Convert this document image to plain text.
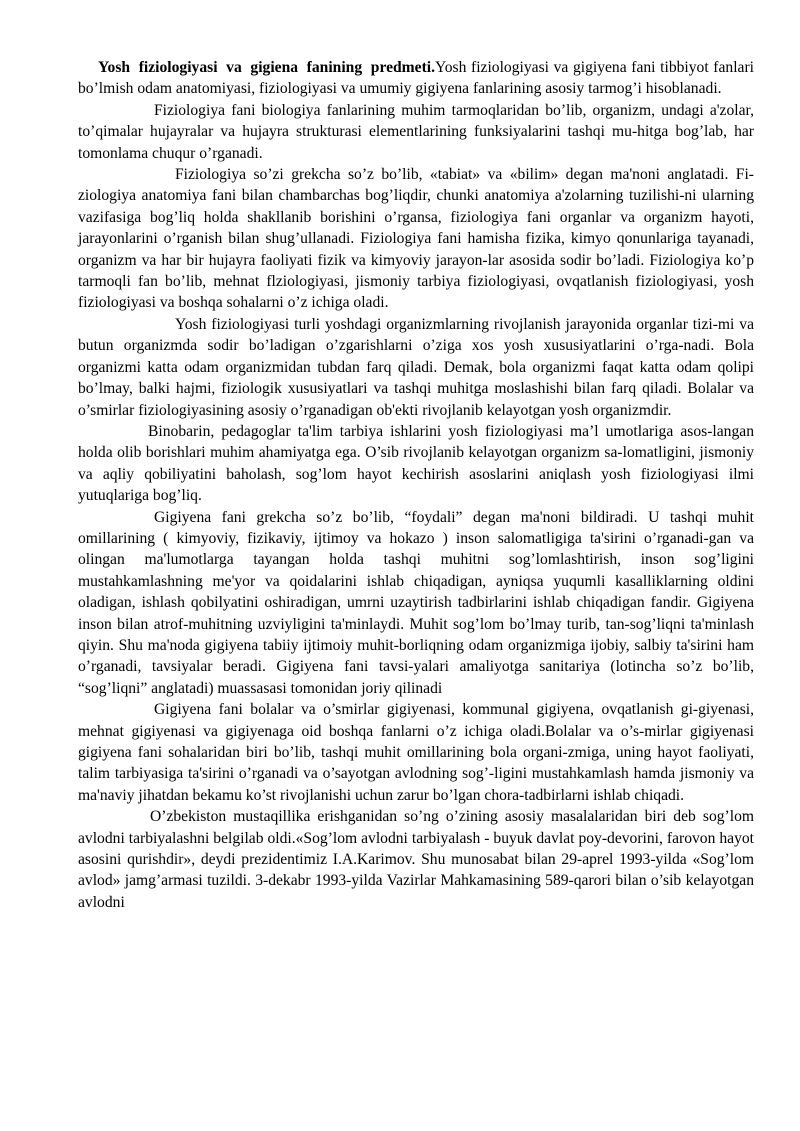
Yosh fiziologiyasi va gigiena fanining predmeti.Yosh fiziologiyasi va gigiyena fani tibbiyot fanlari bo’lmish odam anatomiyasi, fiziologiyasi va umumiy gigiyena fanlarining asosiy tarmog’i hisoblanadi.

Fiziologiya fani biologiya fanlarining muhim tarmoqlaridan bo’lib, organizm, undagi a'zolar, to’qimalar hujayralar va hujayra strukturasi elementlarining funksiyalarini tashqi mu-hitga bog’lab, har tomonlama chuqur o’rganadi.

Fiziologiya so’zi grekcha so’z bo’lib, «tabiat» va «bilim» degan ma'noni anglatadi. Fi-ziologiya anatomiya fani bilan chambarchas bog’liqdir, chunki anatomiya a'zolarning tuzilishi-ni ularning vazifasiga bog’liq holda shakllanib borishini o’rgansa, fiziologiya fani organlar va organizm hayoti, jarayonlarini o’rganish bilan shug’ullanadi. Fiziologiya fani hamisha fizika, kimyo qonunlariga tayanadi, organizm va har bir hujayra faoliyati fizik va kimyoviy jarayon-lar asosida sodir bo’ladi. Fiziologiya ko’p tarmoqli fan bo’lib, mehnat flziologiyasi, jismoniy tarbiya fiziologiyasi, ovqatlanish fiziologiyasi, yosh fiziologiyasi va boshqa sohalarni o’z ichiga oladi.

Yosh fiziologiyasi turli yoshdagi organizmlarning rivojlanish jarayonida organlar tizi-mi va butun organizmda sodir bo’ladigan o’zgarishlarni o’ziga xos yosh xususiyatlarini o’rga-nadi. Bola organizmi katta odam organizmidan tubdan farq qiladi. Demak, bola organizmi faqat katta odam qolipi bo’lmay, balki hajmi, fiziologik xususiyatlari va tashqi muhitga moslashishi bilan farq qiladi. Bolalar va o’smirlar fiziologiyasining asosiy o’rganadigan ob'ekti rivojlanib kelayotgan yosh organizmdir.

Binobarin, pedagoglar ta'lim tarbiya ishlarini yosh fiziologiyasi ma’l umotlariga asos-langan holda olib borishlari muhim ahamiyatga ega. O’sib rivojlanib kelayotgan organizm sa-lomatligini, jismoniy va aqliy qobiliyatini baholash, sog’lom hayot kechirish asoslarini aniqlash yosh fiziologiyasi ilmi yutuqlariga bog’liq.

Gigiyena fani grekcha so’z bo’lib, “foydali” degan ma'noni bildiradi. U tashqi muhit omillarining ( kimyoviy, fizikaviy, ijtimoy va hokazo ) inson salomatligiga ta'sirini o’rganadi-gan va olingan ma'lumotlarga tayangan holda tashqi muhitni sog’lomlashtirish, inson sog’ligini mustahkamlashning me'yor va qoidalarini ishlab chiqadigan, ayniqsa yuqumli kasalliklarning oldini oladigan, ishlash qobilyatini oshiradigan, umrni uzaytirish tadbirlarini ishlab chiqadigan fandir. Gigiyena inson bilan atrof-muhitning uzviyligini ta'minlaydi. Muhit sog’lom bo’lmay turib, tan-sog’liqni ta'minlash qiyin. Shu ma'noda gigiyena tabiiy ijtimoiy muhit-borliqning odam organizmiga ijobiy, salbiy ta'sirini ham o’rganadi, tavsiyalar beradi. Gigiyena fani tavsi-yalari amaliyotga sanitariya (lotincha so’z bo’lib, “sog’liqni” anglatadi) muassasasi tomonidan joriy qilinadi

Gigiyena fani bolalar va o’smirlar gigiyenasi, kommunal gigiyena, ovqatlanish gi-giyenasi, mehnat gigiyenasi va gigiyenaga oid boshqa fanlarni o’z ichiga oladi.Bolalar va o’s-mirlar gigiyenasi gigiyena fani sohalaridan biri bo’lib, tashqi muhit omillarining bola organi-zmiga, uning hayot faoliyati, talim tarbiyasiga ta'sirini o’rganadi va o’sayotgan avlodning sog’-ligini mustahkamlash hamda jismoniy va ma'naviy jihatdan bekamu ko’st rivojlanishi uchun zarur bo’lgan chora-tadbirlarni ishlab chiqadi.

O’zbekiston mustaqillika erishganidan so’ng o’zining asosiy masalalaridan biri deb sog’lom avlodni tarbiyalashni belgilab oldi.«Sog’lom avlodni tarbiyalash - buyuk davlat poy-devorini, farovon hayot asosini qurishdir», deydi prezidentimiz I.A.Karimov. Shu munosabat bilan 29-aprel 1993-yilda «Sog’lom avlod» jamg’armasi tuzildi. 3-dekabr 1993-yilda Vazirlar Mahkamasining 589-qarori bilan o’sib kelayotgan avlodni
